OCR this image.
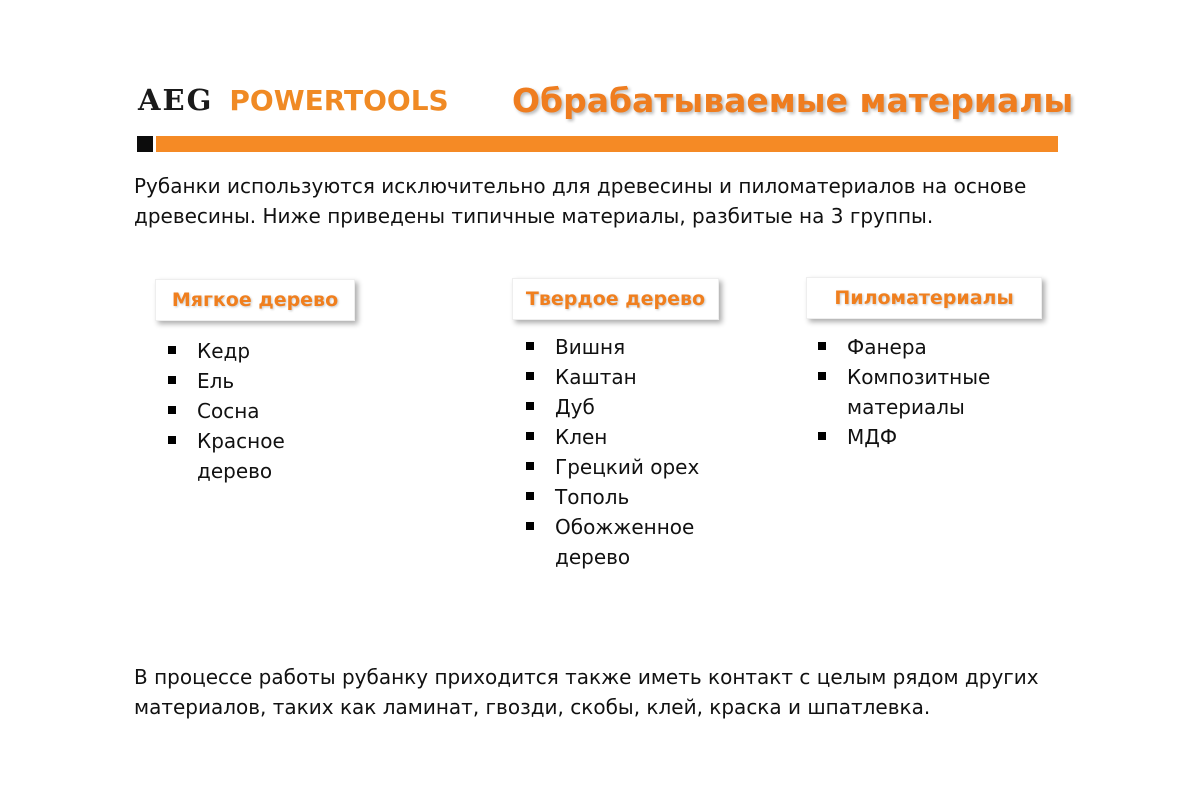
AEG POWERTOOLS Обрабатываемые материалы
Рубанки используются исключительно для древесины и пиломатериалов на основе древесины. Ниже приведены типичные материалы, разбитые на 3 группы.
Мягкое дерево	Твердое дерево	Пиломатериалы
Кедр
Ель
Сосна
Красное дерево
Вишня
Каштан
Дуб
Клен
Грецкий орех
Тополь
Обожженное дерево
Фанера
Композитные материалы
МДФ
В процессе работы рубанку приходится также иметь контакт с целым рядом других материалов, таких как ламинат, гвозди, скобы, клей, краска и шпатлевка.
